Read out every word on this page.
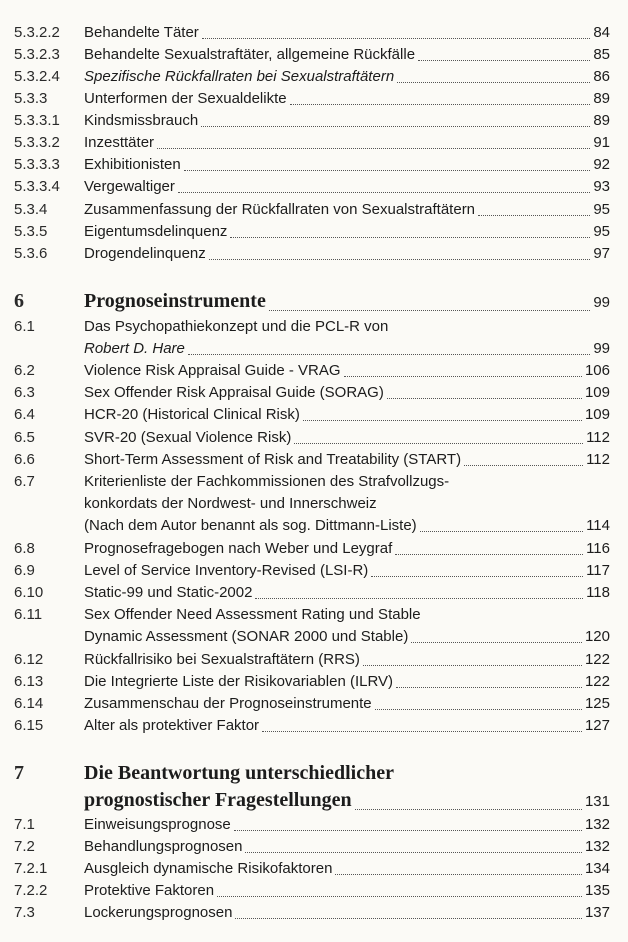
5.3.2.2 Behandelte Täter	84
5.3.2.3 Behandelte Sexualstraftäter, allgemeine Rückfälle	85
5.3.2.4 Spezifische Rückfallraten bei Sexualstraftätern	86
5.3.3 Unterformen der Sexualdelikte	89
5.3.3.1 Kindsmissbrauch	89
5.3.3.2 Inzesttäter	91
5.3.3.3 Exhibitionisten	92
5.3.3.4 Vergewaltiger	93
5.3.4 Zusammenfassung der Rückfallraten von Sexualstraftätern	95
5.3.5 Eigentumsdelinquenz	95
5.3.6 Drogendelinquenz	97
6	Prognoseinstrumente	99
6.1	Das Psychopathiekonzept und die PCL-R von
Robert D. Hare	99
6.2	Violence Risk Appraisal Guide - VRAG	106
6.3	Sex Offender Risk Appraisal Guide (SORAG)	109
6.4	HCR-20 (Historical Clinical Risk)	109
6.5	SVR-20 (Sexual Violence Risk)	112
6.6	Short-Term Assessment of Risk and Treatability (START)	112
6.7	Kriterienliste der Fachkommissionen des Strafvollzugs-
konkordats der Nordwest- und Innerschweiz
(Nach dem Autor benannt als sog. Dittmann-Liste)	114
6.8	Prognosefragebogen nach Weber und Leygraf	116
6.9	Level of Service Inventory-Revised (LSI-R)	117
6.10	Static-99 und Static-2002	118
6.11	Sex Offender Need Assessment Rating und Stable
Dynamic Assessment (SONAR 2000 und Stable)	120
6.12	Rückfallrisiko bei Sexualstraftätern (RRS)	122
6.13	Die Integrierte Liste der Risikovariablen (ILRV)	122
6.14	Zusammenschau der Prognoseinstrumente	125
6.15	Alter als protektiver Faktor	127
7	Die Beantwortung unterschiedlicher
prognostischer Fragestellungen	131
7.1	Einweisungsprognose	132
7.2	Behandlungsprognosen	132
7.2.1 Ausgleich dynamische Risikofaktoren	134
7.2.2 Protektive Faktoren	135
7.3	Lockerungsprognosen	137
